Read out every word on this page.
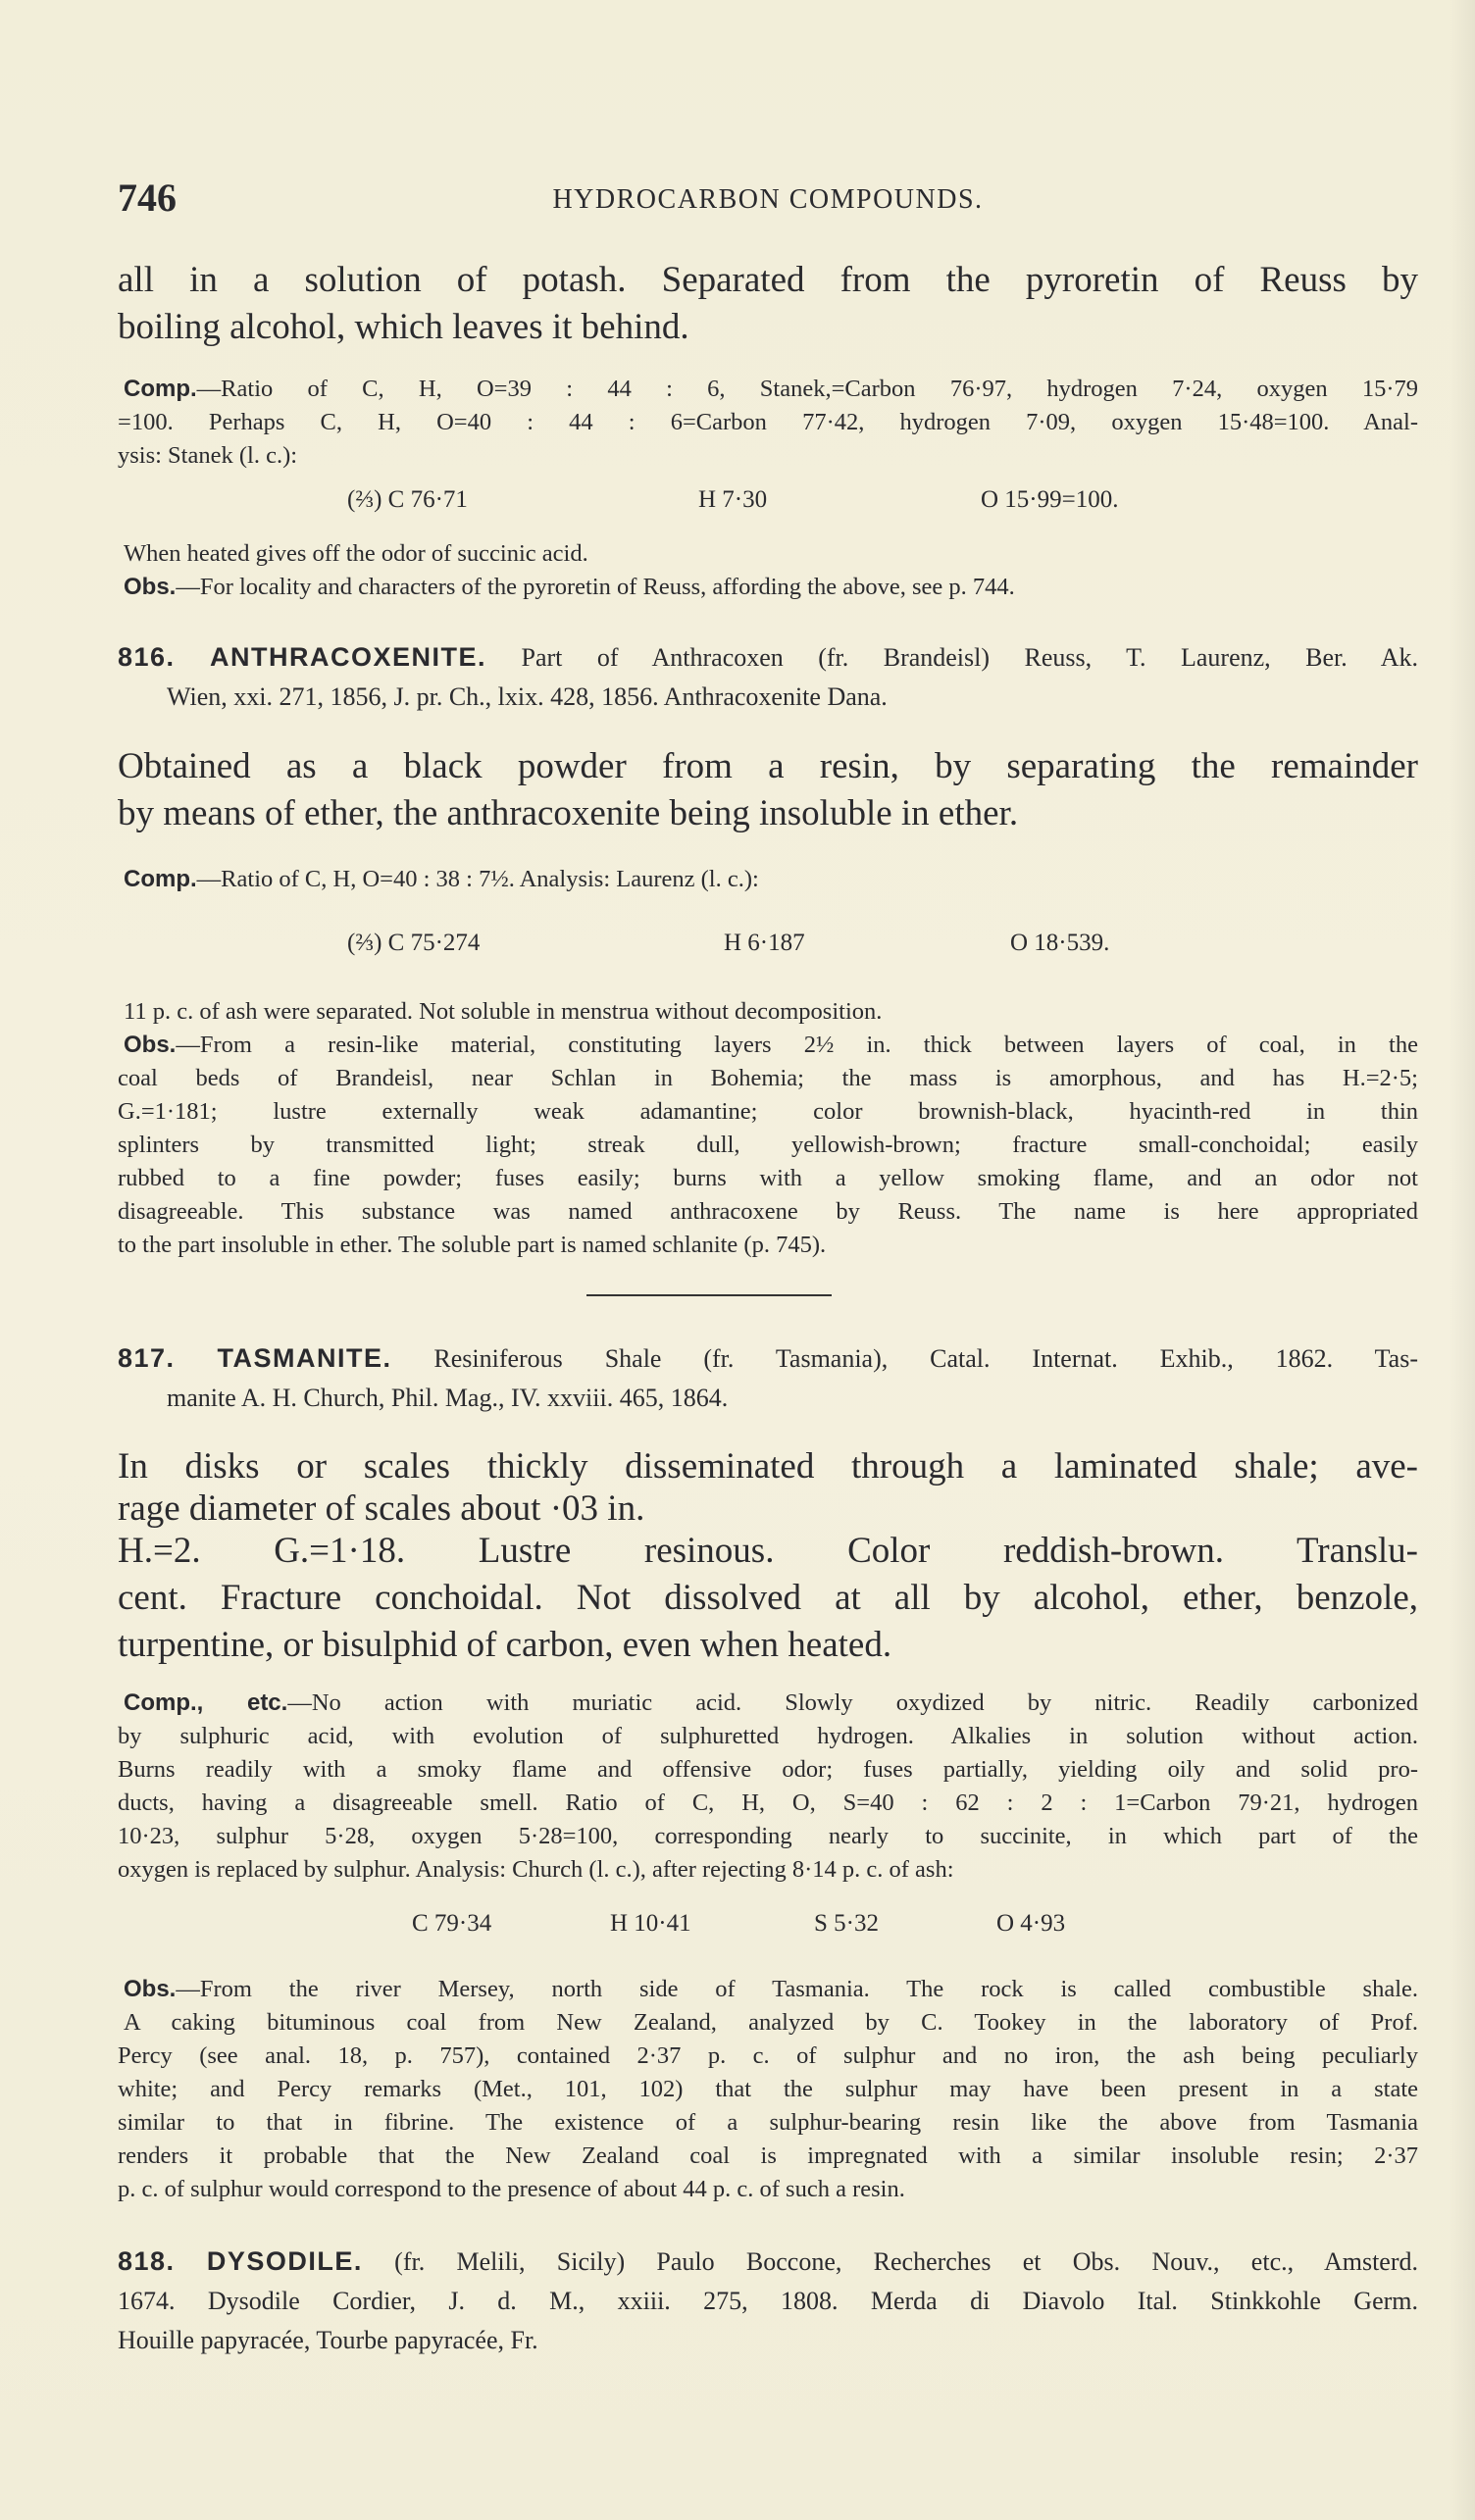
746	HYDROCARBON COMPOUNDS.
all in a solution of potash. Separated from the pyroretin of Reuss by
boiling alcohol, which leaves it behind.
Comp.—Ratio of C, H, O=39 : 44 : 6, Stanek,=Carbon 76·97, hydrogen 7·24, oxygen 15·79
=100. Perhaps C, H, O=40 : 44 : 6=Carbon 77·42, hydrogen 7·09, oxygen 15·48=100. Anal-
ysis: Stanek (l. c.):
(⅔) C 76·71	H 7·30	O 15·99=100.
When heated gives off the odor of succinic acid.
Obs.—For locality and characters of the pyroretin of Reuss, affording the above, see p. 744.
816. ANTHRACOXENITE. Part of Anthracoxen (fr. Brandeisl) Reuss, T. Laurenz, Ber. Ak.
Wien, xxi. 271, 1856, J. pr. Ch., lxix. 428, 1856. Anthracoxenite Dana.
Obtained as a black powder from a resin, by separating the remainder
by means of ether, the anthracoxenite being insoluble in ether.
Comp.—Ratio of C, H, O=40 : 38 : 7½. Analysis: Laurenz (l. c.):
(⅔) C 75·274	H 6·187	O 18·539.
11 p. c. of ash were separated. Not soluble in menstrua without decomposition.
Obs.—From a resin-like material, constituting layers 2½ in. thick between layers of coal, in the
coal beds of Brandeisl, near Schlan in Bohemia; the mass is amorphous, and has H.=2·5;
G.=1·181; lustre externally weak adamantine; color brownish-black, hyacinth-red in thin
splinters by transmitted light; streak dull, yellowish-brown; fracture small-conchoidal; easily
rubbed to a fine powder; fuses easily; burns with a yellow smoking flame, and an odor not
disagreeable. This substance was named anthracoxene by Reuss. The name is here appropriated
to the part insoluble in ether. The soluble part is named schlanite (p. 745).
817. TASMANITE. Resiniferous Shale (fr. Tasmania), Catal. Internat. Exhib., 1862. Tas-
manite A. H. Church, Phil. Mag., IV. xxviii. 465, 1864.
In disks or scales thickly disseminated through a laminated shale; ave-
rage diameter of scales about ·03 in.
H.=2. G.=1·18. Lustre resinous. Color reddish-brown. Translu-
cent. Fracture conchoidal. Not dissolved at all by alcohol, ether, benzole,
turpentine, or bisulphid of carbon, even when heated.
Comp., etc.—No action with muriatic acid. Slowly oxydized by nitric. Readily carbonized
by sulphuric acid, with evolution of sulphuretted hydrogen. Alkalies in solution without action.
Burns readily with a smoky flame and offensive odor; fuses partially, yielding oily and solid pro-
ducts, having a disagreeable smell. Ratio of C, H, O, S=40 : 62 : 2 : 1=Carbon 79·21, hydrogen
10·23, sulphur 5·28, oxygen 5·28=100, corresponding nearly to succinite, in which part of the
oxygen is replaced by sulphur. Analysis: Church (l. c.), after rejecting 8·14 p. c. of ash:
C 79·34	H 10·41	S 5·32	O 4·93
Obs.—From the river Mersey, north side of Tasmania. The rock is called combustible shale.
A caking bituminous coal from New Zealand, analyzed by C. Tookey in the laboratory of Prof.
Percy (see anal. 18, p. 757), contained 2·37 p. c. of sulphur and no iron, the ash being peculiarly
white; and Percy remarks (Met., 101, 102) that the sulphur may have been present in a state
similar to that in fibrine. The existence of a sulphur-bearing resin like the above from Tasmania
renders it probable that the New Zealand coal is impregnated with a similar insoluble resin; 2·37
p. c. of sulphur would correspond to the presence of about 44 p. c. of such a resin.
818. DYSODILE. (fr. Melili, Sicily) Paulo Boccone, Recherches et Obs. Nouv., etc., Amsterd.
1674. Dysodile Cordier, J. d. M., xxiii. 275, 1808. Merda di Diavolo Ital. Stinkkohle Germ.
Houille papyracée, Tourbe papyracée, Fr.
